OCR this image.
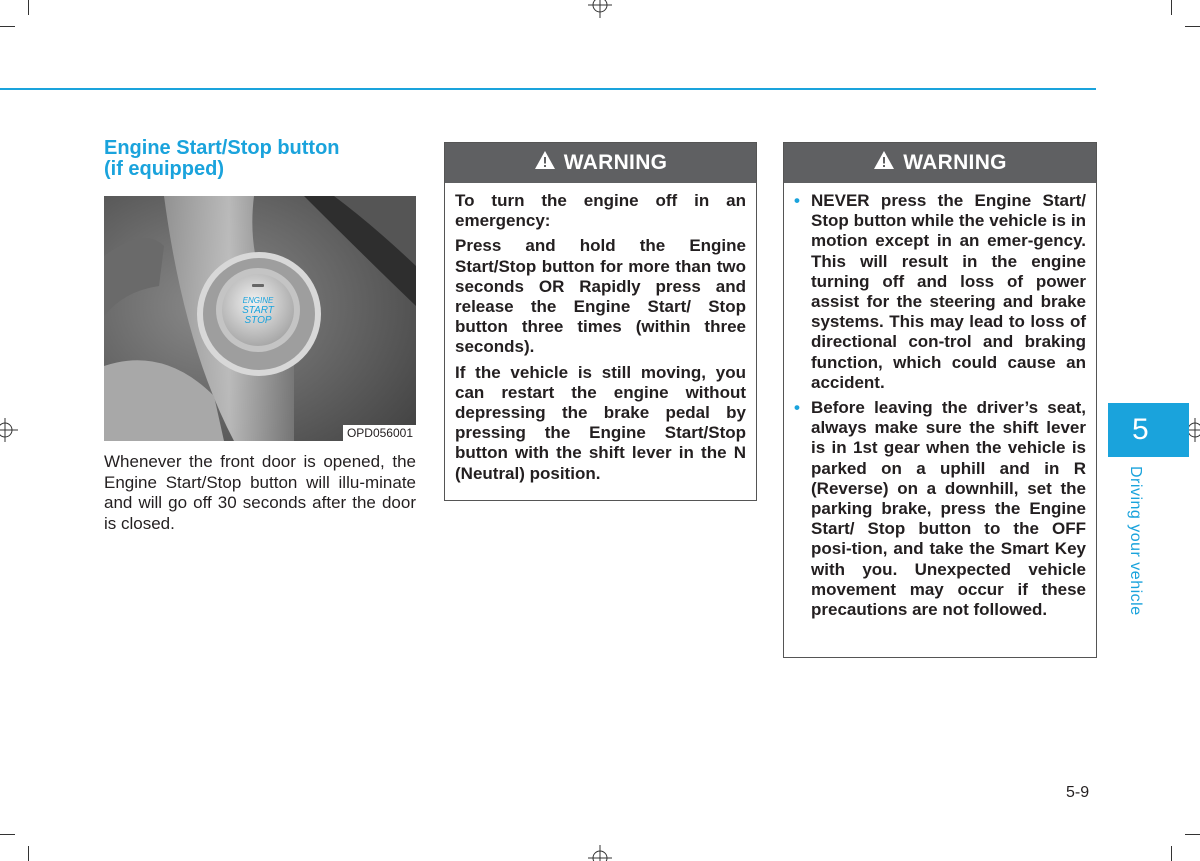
Engine Start/Stop button

(if equipped)

ENGINE
START
STOP
OPD056001

Whenever the front door is opened, the Engine Start/Stop button will illu-minate and will go off 30 seconds after the door is closed.

WARNING

To turn the engine off in an emergency:

Press and hold the Engine Start/Stop button for more than two seconds OR Rapidly press and release the Engine Start/ Stop button three times (within three seconds).

If the vehicle is still moving, you can restart the engine without depressing the brake pedal by pressing the Engine Start/Stop button with the shift lever in the N (Neutral) position.

WARNING
• NEVER press the Engine Start/ Stop button while the vehicle is in motion except in an emer-gency. This will result in the engine turning off and loss of power assist for the steering and brake systems. This may lead to loss of directional con-trol and braking function, which could cause an accident.
• Before leaving the driver’s seat, always make sure the shift lever is in 1st gear when the vehicle is parked on a uphill and in R (Reverse) on a downhill, set the parking brake, press the Engine Start/ Stop button to the OFF posi-tion, and take the Smart Key with you. Unexpected vehicle movement may occur if these precautions are not followed.
5
Driving your vehicle
5-9
